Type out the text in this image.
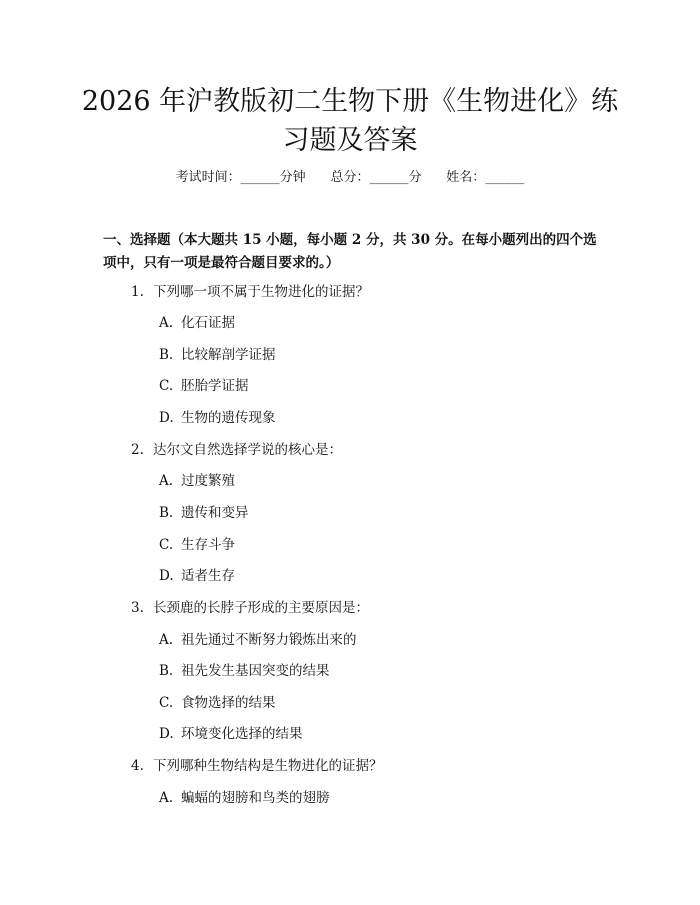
2026 年沪教版初二生物下册《生物进化》练
习题及答案
考试时间：______分钟 总分：______分 姓名：______
一、选择题（本大题共 15 小题，每小题 2 分，共 30 分。在每小题列出的四个选
项中，只有一项是最符合题目要求的。）
1. 下列哪一项不属于生物进化的证据？
A. 化石证据
B. 比较解剖学证据
C. 胚胎学证据
D. 生物的遗传现象
2. 达尔文自然选择学说的核心是：
A. 过度繁殖
B. 遗传和变异
C. 生存斗争
D. 适者生存
3. 长颈鹿的长脖子形成的主要原因是：
A. 祖先通过不断努力锻炼出来的
B. 祖先发生基因突变的结果
C. 食物选择的结果
D. 环境变化选择的结果
4. 下列哪种生物结构是生物进化的证据？
A. 蝙蝠的翅膀和鸟类的翅膀
